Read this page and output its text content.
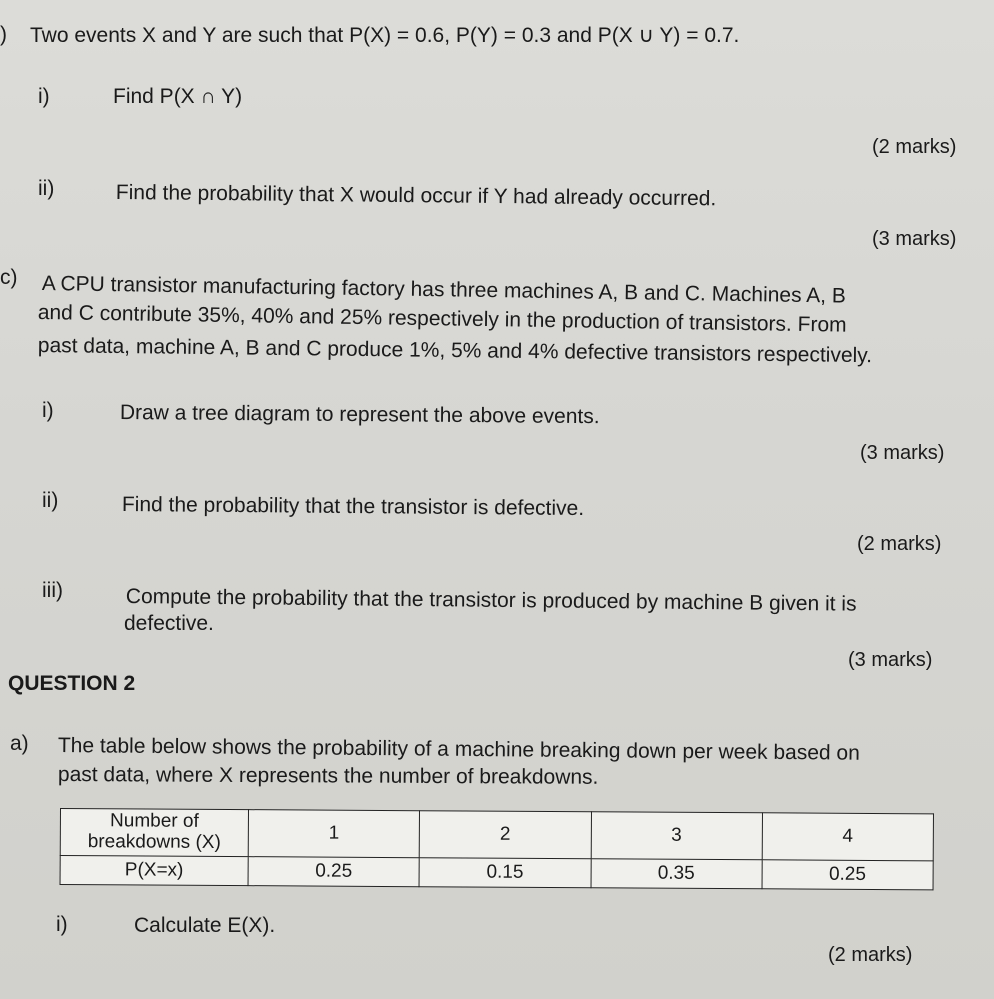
) Two events X and Y are such that P(X) = 0.6, P(Y) = 0.3 and P(X ∪ Y) = 0.7.
i)	Find P(X ∩ Y)
(2 marks)
ii)	Find the probability that X would occur if Y had already occurred.
(3 marks)
c) A CPU transistor manufacturing factory has three machines A, B and C. Machines A, B
and C contribute 35%, 40% and 25% respectively in the production of transistors. From
past data, machine A, B and C produce 1%, 5% and 4% defective transistors respectively.
i)	Draw a tree diagram to represent the above events.
(3 marks)
ii)	Find the probability that the transistor is defective.
(2 marks)
iii)	Compute the probability that the transistor is produced by machine B given it is
defective.
(3 marks)
QUESTION 2
a) The table below shows the probability of a machine breaking down per week based on
past data, where X represents the number of breakdowns.
Number of
breakdowns (X)	1	2	3	4
P(X=x)	0.25	0.15	0.35	0.25
i)	Calculate E(X).
(2 marks)
